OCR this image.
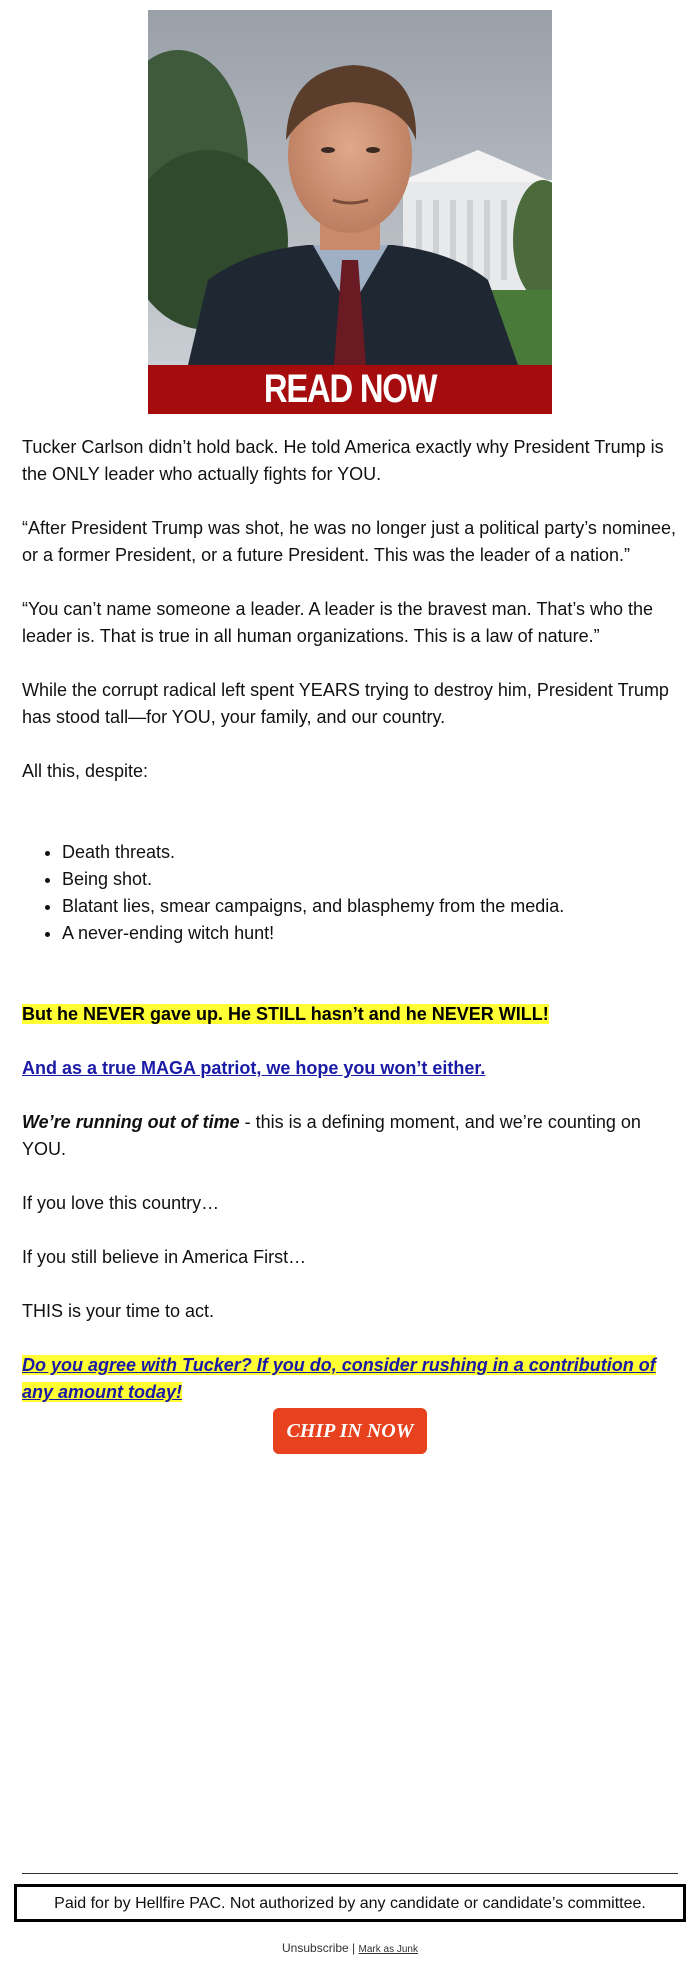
READ NOW

Tucker Carlson didn’t hold back. He told America exactly why President Trump is the ONLY leader who actually fights for YOU.

“After President Trump was shot, he was no longer just a political party’s nominee, or a former President, or a future President. This was the leader of a nation.”

“You can’t name someone a leader. A leader is the bravest man. That’s who the leader is. That is true in all human organizations. This is a law of nature.”

While the corrupt radical left spent YEARS trying to destroy him, President Trump has stood tall—for YOU, your family, and our country.

All this, despite:

• Death threats.
• Being shot.
• Blatant lies, smear campaigns, and blasphemy from the media.
• A never-ending witch hunt!

But he NEVER gave up. He STILL hasn’t and he NEVER WILL!

And as a true MAGA patriot, we hope you won’t either.

We’re running out of time - this is a defining moment, and we’re counting on YOU.

If you love this country…

If you still believe in America First…

THIS is your time to act.

Do you agree with Tucker? If you do, consider rushing in a contribution of any amount today!

CHIP IN NOW
Paid for by Hellfire PAC. Not authorized by any candidate or candidate’s committee.
Unsubscribe | Mark as Junk
